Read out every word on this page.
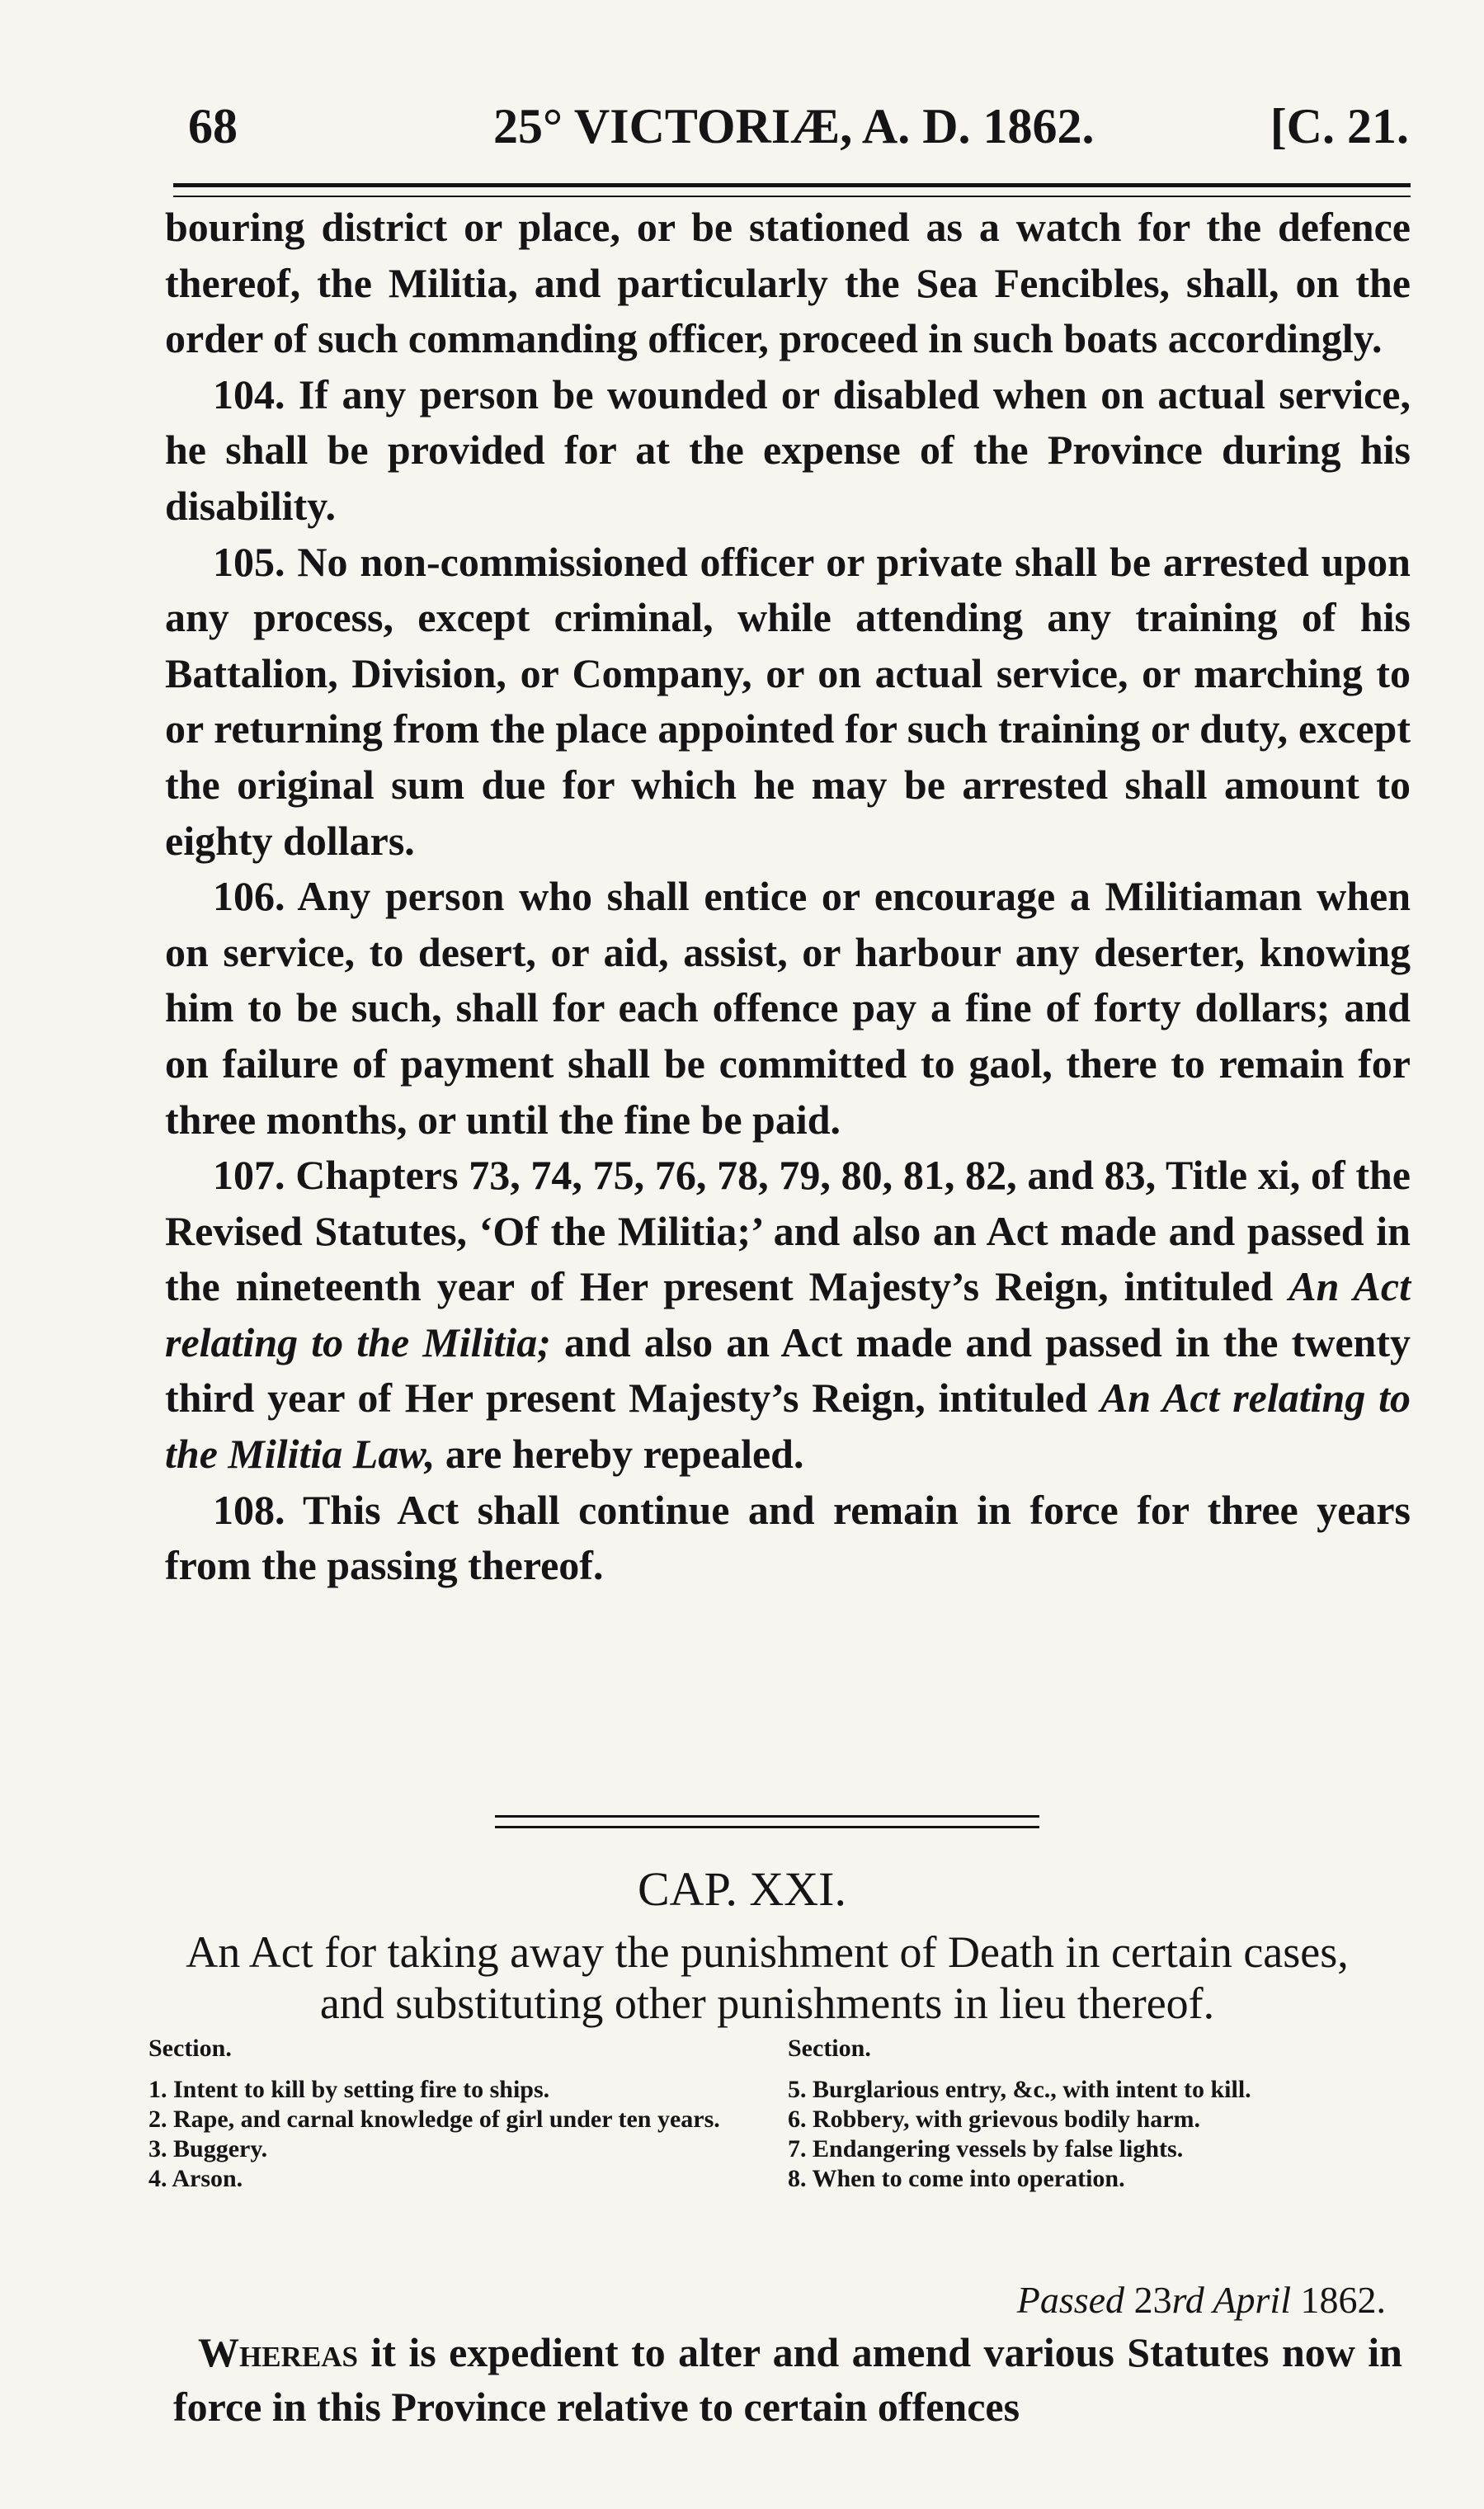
68	25° VICTORIÆ, A. D. 1862.	[C. 21.

bouring district or place, or be stationed as a watch for the defence thereof, the Militia, and particularly the Sea Fencibles, shall, on the order of such commanding officer, proceed in such boats accordingly.

104. If any person be wounded or disabled when on actual service, he shall be provided for at the expense of the Province during his disability.

105. No non-commissioned officer or private shall be arrested upon any process, except criminal, while attending any training of his Battalion, Division, or Company, or on actual service, or marching to or returning from the place appointed for such training or duty, except the original sum due for which he may be arrested shall amount to eighty dollars.

106. Any person who shall entice or encourage a Militiaman when on service, to desert, or aid, assist, or harbour any deserter, knowing him to be such, shall for each offence pay a fine of forty dollars; and on failure of payment shall be committed to gaol, there to remain for three months, or until the fine be paid.

107. Chapters 73, 74, 75, 76, 78, 79, 80, 81, 82, and 83, Title xi, of the Revised Statutes, ‘Of the Militia;’ and also an Act made and passed in the nineteenth year of Her present Majesty’s Reign, intituled An Act relating to the Militia; and also an Act made and passed in the twenty third year of Her present Majesty’s Reign, intituled An Act relating to the Militia Law, are hereby repealed.

108. This Act shall continue and remain in force for three years from the passing thereof.

CAP. XXI.

An Act for taking away the punishment of Death in certain cases, and substituting other punishments in lieu thereof.

Section.

1. Intent to kill by setting fire to ships.

2. Rape, and carnal knowledge of girl under ten years.

3. Buggery.

4. Arson.

Section.

5. Burglarious entry, &c., with intent to kill.

6. Robbery, with grievous bodily harm.

7. Endangering vessels by false lights.

8. When to come into operation.

Passed 23rd April 1862.

Whereas it is expedient to alter and amend various Statutes now in force in this Province relative to certain offences
